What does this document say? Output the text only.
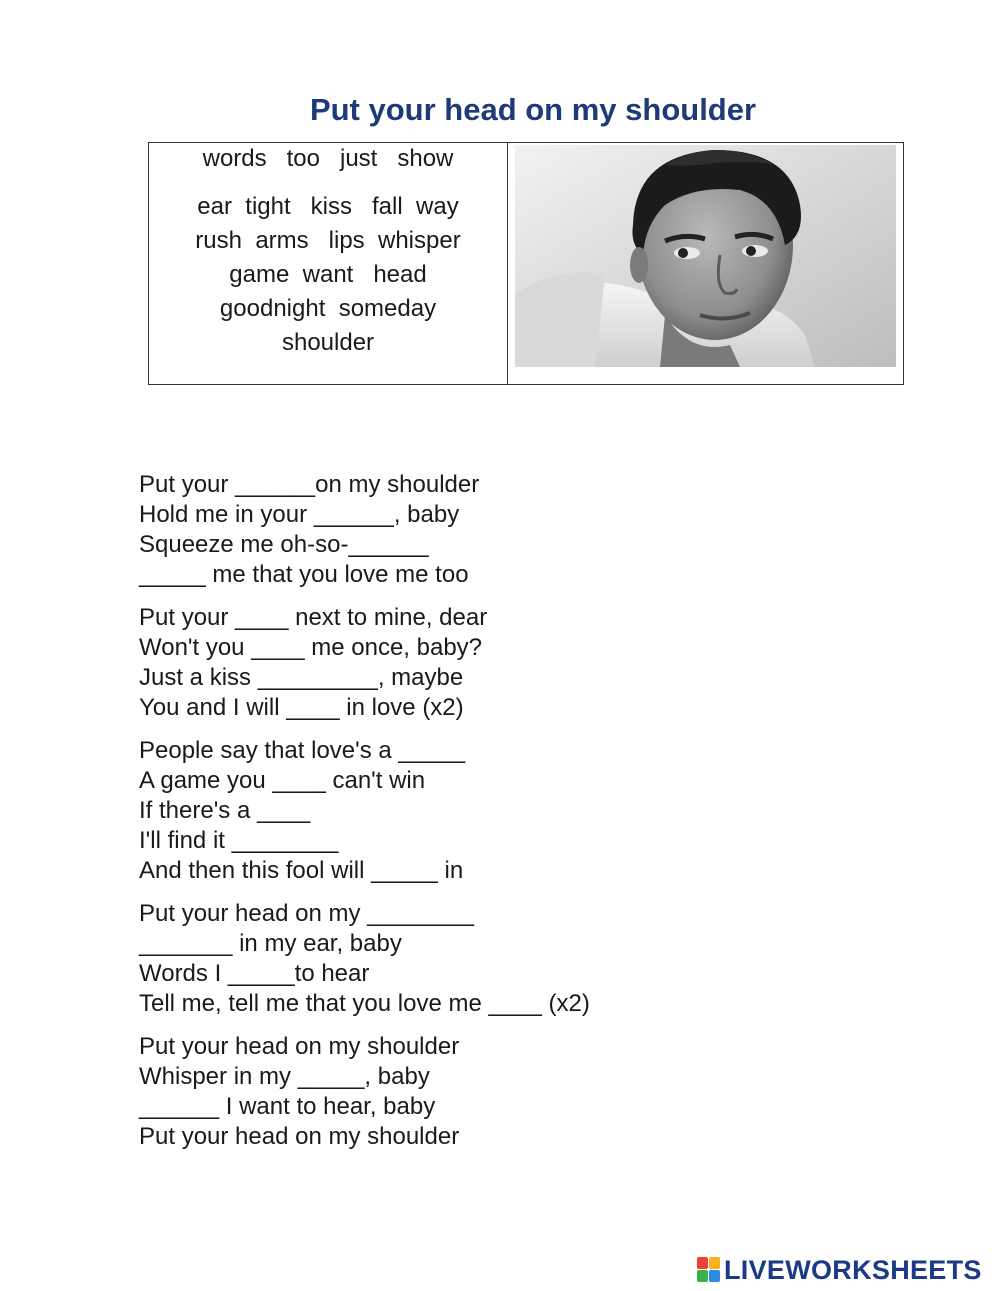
Put your head on my shoulder
words   too   just   show
ear  tight   kiss   fall  way
rush  arms   lips  whisper
game  want   head
goodnight  someday
shoulder
Put your ______on my shoulder
Hold me in your ______, baby
Squeeze me oh-so-______
_____ me that you love me too
Put your ____ next to mine, dear
Won't you ____ me once, baby?
Just a kiss _________, maybe
You and I will ____ in love (x2)
People say that love's a _____
A game you ____ can't win
If there's a ____
I'll find it ________
And then this fool will _____ in
Put your head on my ________
_______ in my ear, baby
Words I _____to hear
Tell me, tell me that you love me ____ (x2)
Put your head on my shoulder
Whisper in my _____, baby
______ I want to hear, baby
Put your head on my shoulder
LIVEWORKSHEETS
